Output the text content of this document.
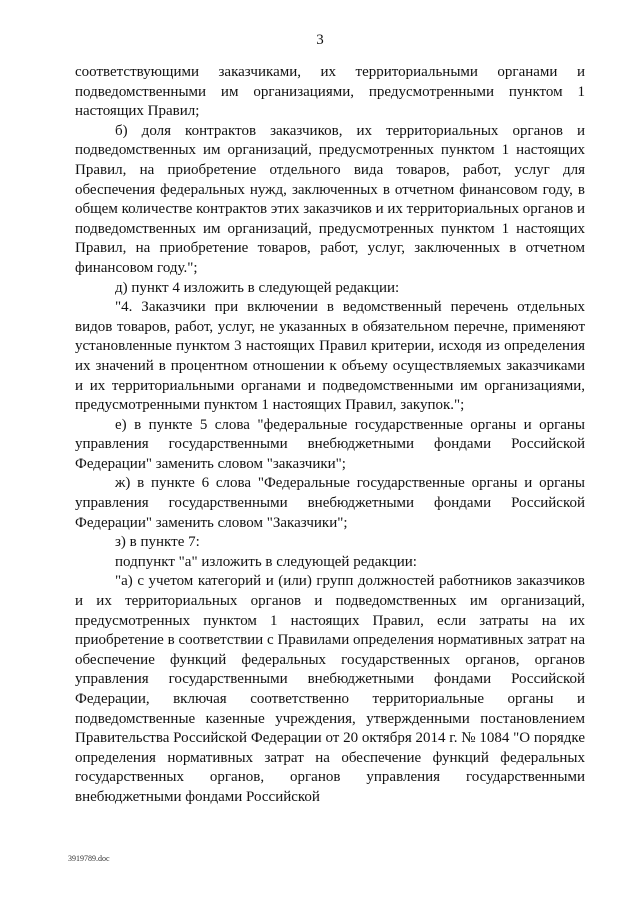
3

соответствующими заказчиками, их территориальными органами и подведомственными им организациями, предусмотренными пунктом 1 настоящих Правил;

б) доля контрактов заказчиков, их территориальных органов и подведомственных им организаций, предусмотренных пунктом 1 настоящих Правил, на приобретение отдельного вида товаров, работ, услуг для обеспечения федеральных нужд, заключенных в отчетном финансовом году, в общем количестве контрактов этих заказчиков и их территориальных органов и подведомственных им организаций, предусмотренных пунктом 1 настоящих Правил, на приобретение товаров, работ, услуг, заключенных в отчетном финансовом году.";

д) пункт 4 изложить в следующей редакции:

"4. Заказчики при включении в ведомственный перечень отдельных видов товаров, работ, услуг, не указанных в обязательном перечне, применяют установленные пунктом 3 настоящих Правил критерии, исходя из определения их значений в процентном отношении к объему осуществляемых заказчиками и их территориальными органами и подведомственными им организациями, предусмотренными пунктом 1 настоящих Правил, закупок.";

е) в пункте 5 слова "федеральные государственные органы и органы управления государственными внебюджетными фондами Российской Федерации" заменить словом "заказчики";

ж) в пункте 6 слова "Федеральные государственные органы и органы управления государственными внебюджетными фондами Российской Федерации" заменить словом "Заказчики";

з) в пункте 7:

подпункт "а" изложить в следующей редакции:

"а) с учетом категорий и (или) групп должностей работников заказчиков и их территориальных органов и подведомственных им организаций, предусмотренных пунктом 1 настоящих Правил, если затраты на их приобретение в соответствии с Правилами определения нормативных затрат на обеспечение функций федеральных государственных органов, органов управления государственными внебюджетными фондами Российской Федерации, включая соответственно территориальные органы и подведомственные казенные учреждения, утвержденными постановлением Правительства Российской Федерации от 20 октября 2014 г. № 1084 "О порядке определения нормативных затрат на обеспечение функций федеральных государственных органов, органов управления государственными внебюджетными фондами Российской

3919789.doc
